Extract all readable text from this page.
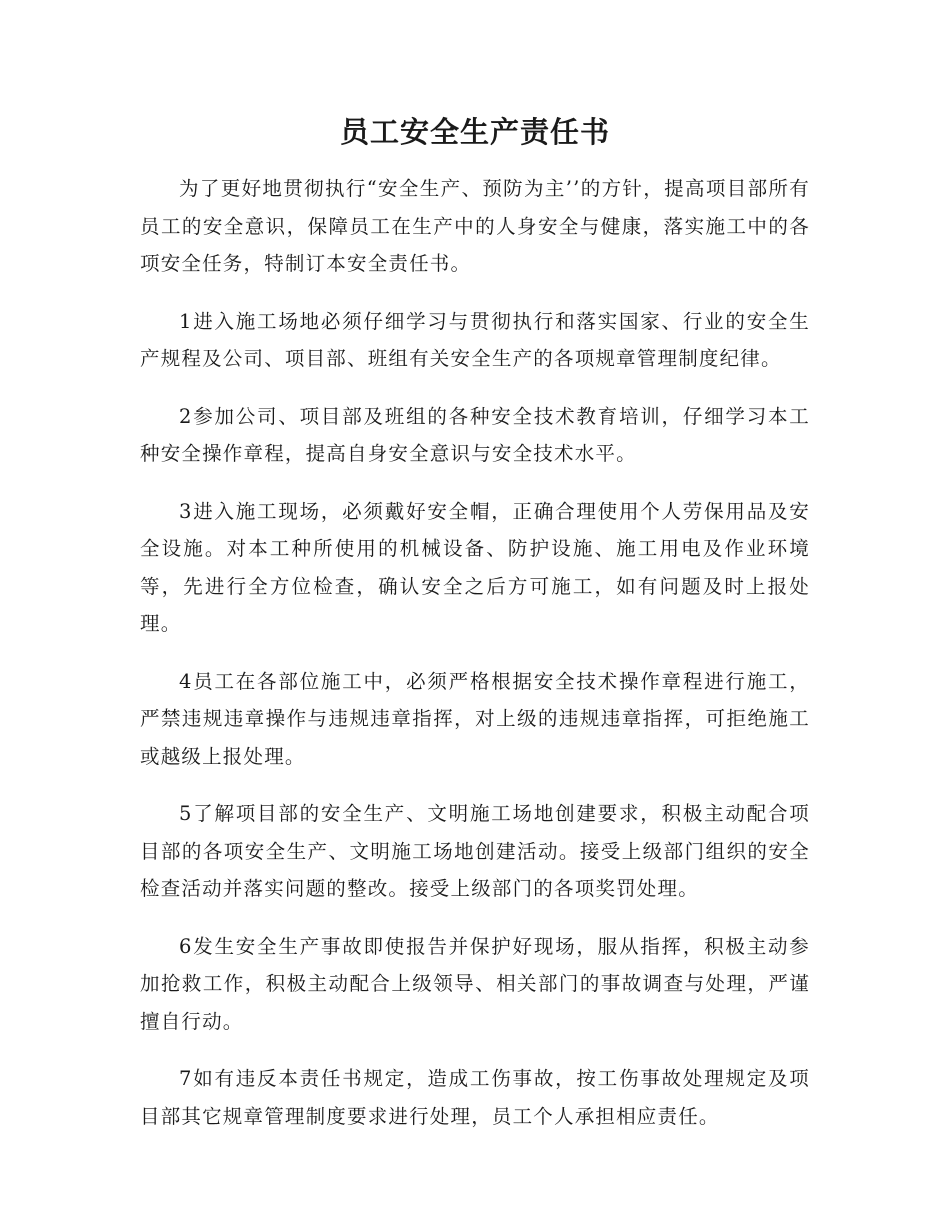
员工安全生产责任书

为了更好地贯彻执行“安全生产、预防为主’’的方针，提高项目部所有员工的安全意识，保障员工在生产中的人身安全与健康，落实施工中的各项安全任务，特制订本安全责任书。

1进入施工场地必须仔细学习与贯彻执行和落实国家、行业的安全生产规程及公司、项目部、班组有关安全生产的各项规章管理制度纪律。

2参加公司、项目部及班组的各种安全技术教育培训，仔细学习本工种安全操作章程，提高自身安全意识与安全技术水平。

3进入施工现场，必须戴好安全帽，正确合理使用个人劳保用品及安全设施。对本工种所使用的机械设备、防护设施、施工用电及作业环境等，先进行全方位检查，确认安全之后方可施工，如有问题及时上报处理。

4员工在各部位施工中，必须严格根据安全技术操作章程进行施工，严禁违规违章操作与违规违章指挥，对上级的违规违章指挥，可拒绝施工或越级上报处理。

5了解项目部的安全生产、文明施工场地创建要求，积极主动配合项目部的各项安全生产、文明施工场地创建活动。接受上级部门组织的安全检查活动并落实问题的整改。接受上级部门的各项奖罚处理。

6发生安全生产事故即使报告并保护好现场，服从指挥，积极主动参加抢救工作，积极主动配合上级领导、相关部门的事故调查与处理，严谨擅自行动。

7如有违反本责任书规定，造成工伤事故，按工伤事故处理规定及项目部其它规章管理制度要求进行处理，员工个人承担相应责任。
